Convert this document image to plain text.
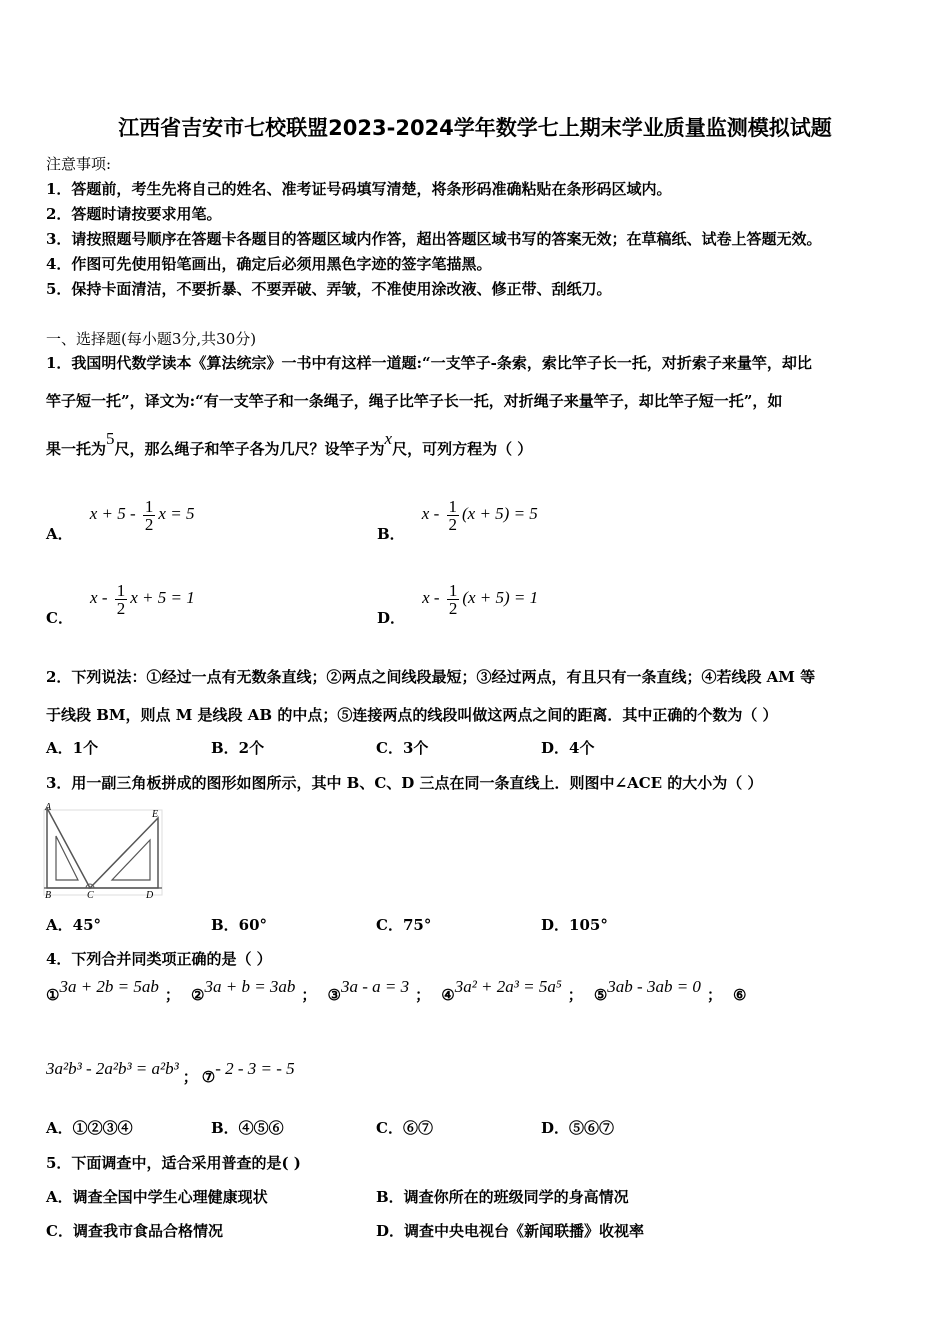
江西省吉安市七校联盟2023-2024学年数学七上期末学业质量监测模拟试题
注意事项:
1．答题前，考生先将自己的姓名、准考证号码填写清楚，将条形码准确粘贴在条形码区域内。
2．答题时请按要求用笔。
3．请按照题号顺序在答题卡各题目的答题区域内作答，超出答题区域书写的答案无效；在草稿纸、试卷上答题无效。
4．作图可先使用铅笔画出，确定后必须用黑色字迹的签字笔描黑。
5．保持卡面清洁，不要折暴、不要弄破、弄皱，不准使用涂改液、修正带、刮纸刀。
一、选择题(每小题3分,共30分)
1．我国明代数学读本《算法统宗》一书中有这样一道题:“一支竿子-条索，索比竿子长一托，对折索子来量竿，却比
竿子短一托”，译文为:“有一支竿子和一条绳子，绳子比竿子长一托，对折绳子来量竿子，却比竿子短一托”，如
果一托为5尺，那么绳子和竿子各为几尺？设竿子为x尺，可列方程为（ ）
A． $x + 5 - \frac{1}{2}$ x = 5
B． $x - \frac{1}{2} (x + 5) = 5$
C． x - $\frac{1}{2}$ x + 5 = 1
D． $x - \frac{1}{2} (x + 5) = 1$
2．下列说法：①经过一点有无数条直线；②两点之间线段最短；③经过两点，有且只有一条直线；④若线段 AM 等
于线段 BM，则点 M 是线段 AB 的中点；⑤连接两点的线段叫做这两点之间的距离．其中正确的个数为（ ）
A．1个	B．2个	C．3个	D．4个
3．用一副三角板拼成的图形如图所示，其中 B、C、D 三点在同一条直线上．则图中∠ACE 的大小为（ ）
A
E
B	C	D
A．45°	B．60°	C．75°	D．105°
4．下列合并同类项正确的是（ ）
①3a + 2b = 5ab ； ②3a + b = 3ab ； ③3a - a = 3 ； ④3a² + 2a³ = 5a⁵ ； ⑤3ab - 3ab = 0 ； ⑥
3a²b³ - 2a²b³ = a²b³ ； ⑦- 2 - 3 = - 5
A．①②③④	B．④⑤⑥	C．⑥⑦	D．⑤⑥⑦
5．下面调查中，适合采用普查的是( )
A．调查全国中学生心理健康现状	B．调查你所在的班级同学的身高情况
C．调查我市食品合格情况	D．调查中央电视台《新闻联播》收视率
